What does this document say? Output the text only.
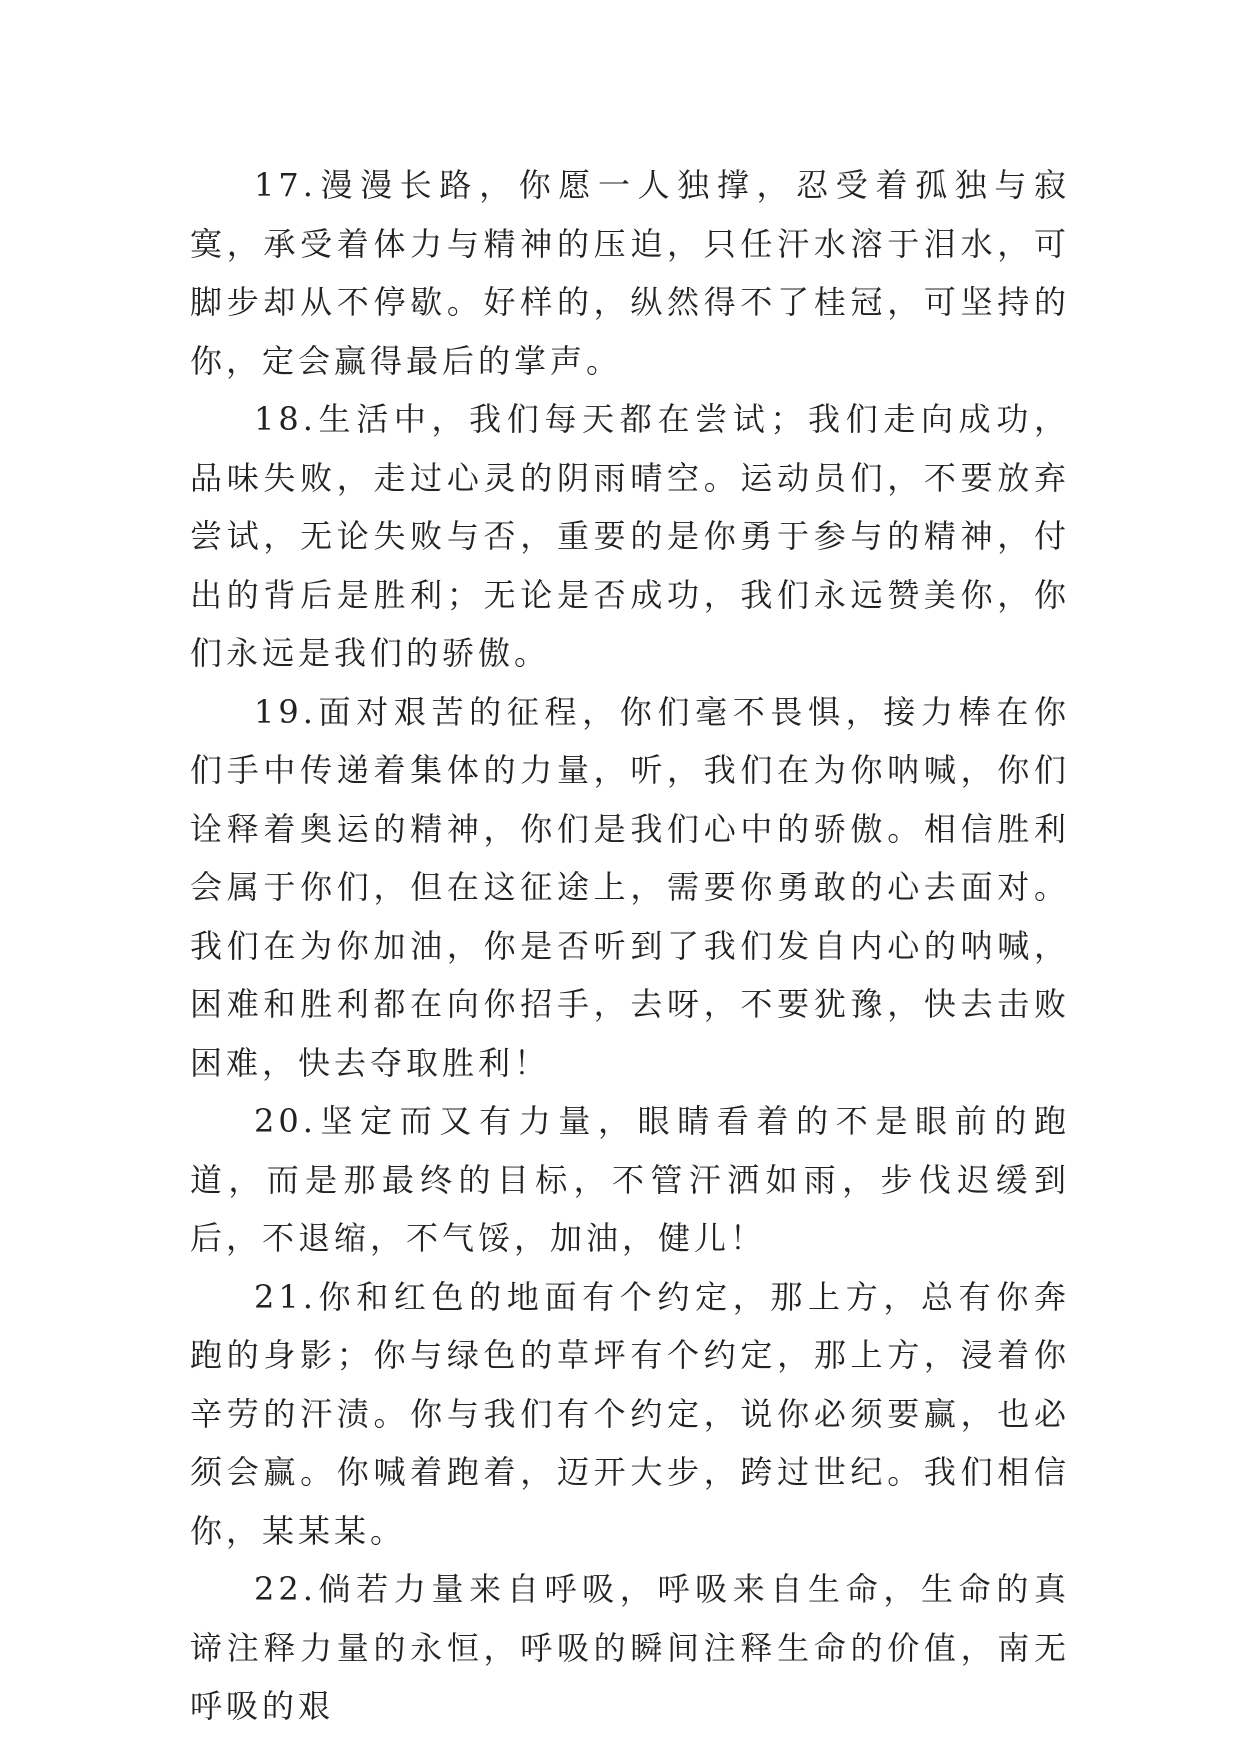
17.漫漫长路，你愿一人独撑，忍受着孤独与寂寞，承受着体力与精神的压迫，只任汗水溶于泪水，可脚步却从不停歇。好样的，纵然得不了桂冠，可坚持的你，定会赢得最后的掌声。

18.生活中，我们每天都在尝试；我们走向成功，品味失败，走过心灵的阴雨晴空。运动员们，不要放弃尝试，无论失败与否，重要的是你勇于参与的精神，付出的背后是胜利；无论是否成功，我们永远赞美你，你们永远是我们的骄傲。

19.面对艰苦的征程，你们毫不畏惧，接力棒在你们手中传递着集体的力量，听，我们在为你呐喊，你们诠释着奥运的精神，你们是我们心中的骄傲。相信胜利会属于你们，但在这征途上，需要你勇敢的心去面对。我们在为你加油，你是否听到了我们发自内心的呐喊，困难和胜利都在向你招手，去呀，不要犹豫，快去击败困难，快去夺取胜利！

20.坚定而又有力量，眼睛看着的不是眼前的跑道，而是那最终的目标，不管汗洒如雨，步伐迟缓到后，不退缩，不气馁，加油，健儿！

21.你和红色的地面有个约定，那上方，总有你奔跑的身影；你与绿色的草坪有个约定，那上方，浸着你辛劳的汗渍。你与我们有个约定，说你必须要赢，也必须会赢。你喊着跑着，迈开大步，跨过世纪。我们相信你，某某某。

22.倘若力量来自呼吸，呼吸来自生命，生命的真谛注释力量的永恒，呼吸的瞬间注释生命的价值，南无呼吸的艰
